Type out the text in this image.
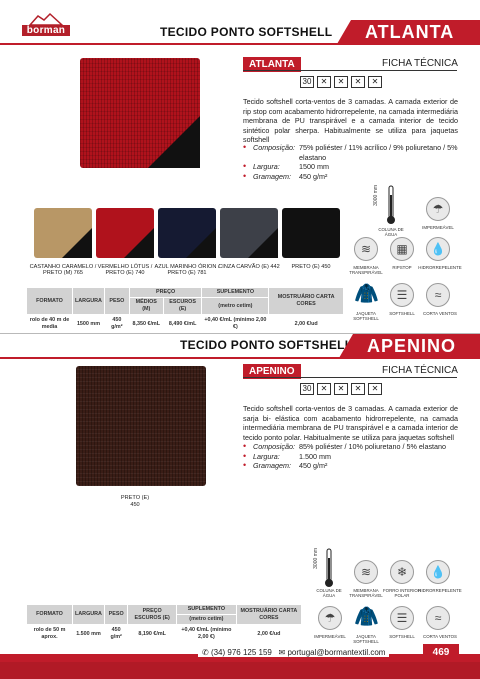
borman	TECIDO PONTO SOFTSHELL	ATLANTA
ATLANTA	FICHA TÉCNICA
30	✕	✕	✕	✕
Tecido softshell corta-ventos de 3 camadas. A camada exterior de rip stop com acabamento hidrorrepelente, na camada intermediária membrana de PU transpirável e a camada interior de tecido sintético polar sherpa. Habitualmente se utiliza para jaquetas softshell
• Composição: 75% poliéster / 11% acrílico / 9% poliuretano / 5% elastano
• Largura:	1500 mm
• Gramagem:	450 g/m²
CASTANHO CARAMELO / PRETO (M) 765
VERMELHO LÓTUS / PRETO (E) 740
AZUL MARINHO ÓRION / PRETO (E) 781
CINZA CARVÃO (E) 442	PRETO (E) 450
FORMATO	LARGURA	PESO	PREÇO		SUPLEMENTO	MOSTRUÁRIO CARTA CORES
			MÉDIOS (M)	ESCUROS (E)	(metro cetim)	
rolo de 40 m de media	1500 mm	450 g/m²	8,350 €/mL	8,490 €/mL	+0,40 €/mL (mínimo 2,00 €)	2,00 €/ud
3000 mm
COLUNA DE ÁGUA
☂
IMPERMEÁVEL
≋
MEMBRANA TRANSPIRÁVEL
▦
RIPSTOP
💧
HIDRORREPELENTE
🧥
JAQUETA SOFTSHELL
☰
SOFTSHELL
≈
CORTA VENTOS
TECIDO PONTO SOFTSHELL APENINO
PRETO (E)
450
APENINO	FICHA TÉCNICA
30	✕	✕	✕	✕
Tecido softshell corta-ventos de 3 camadas. A camada exterior de sarja bi- elástica com acabamento hidrorrepelente, na camada intermediária membrana de PU transpirável e a camada interior de tecido ponto polar. Habitualmente se utiliza para jaquetas softshell
• Composição: 85% poliéster / 10% poliuretano / 5% elastano
• Largura:	1.500 mm
• Gramagem:	450 g/m²
FORMATO	LARGURA	PESO	PREÇO ESCUROS (E)	SUPLEMENTO	MOSTRUÁRIO CARTA CORES
				(metro cetim)	
rolo de 50 m aprox.	1.500 mm	450 g/m²	8,190 €/mL	+0,40 €/mL (mínimo 2,00 €)	2,00 €/ud
3000 mm
COLUNA DE ÁGUA
≋
MEMBRANA TRANSPIRÁVEL
❄
FORRO INTERIOR POLAR
💧
HIDRORREPELENTE
☂
IMPERMEÁVEL
🧥
JAQUETA SOFTSHELL
☰
SOFTSHELL
≈
CORTA VENTOS
✆ (34) 976 125 159 ✉ portugal@bormantextil.com	469
